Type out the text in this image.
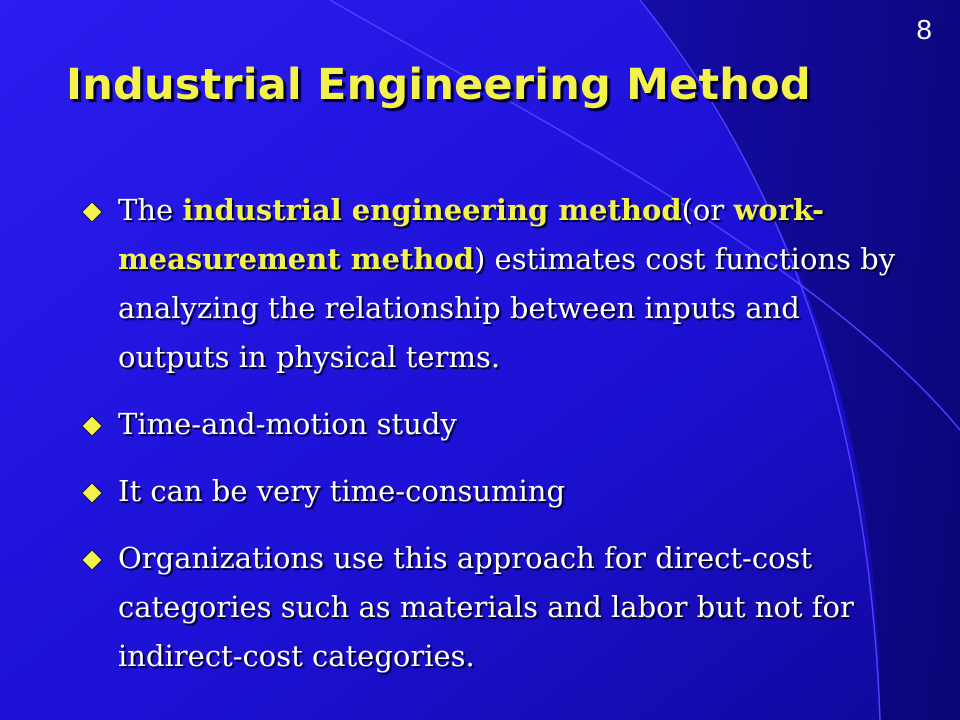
8
Industrial Engineering Method
The industrial engineering method(or work-measurement method) estimates cost functions by analyzing the relationship between inputs and outputs in physical terms.
Time-and-motion study
It can be very time-consuming
Organizations use this approach for direct-cost categories such as materials and labor but not for indirect-cost categories.
